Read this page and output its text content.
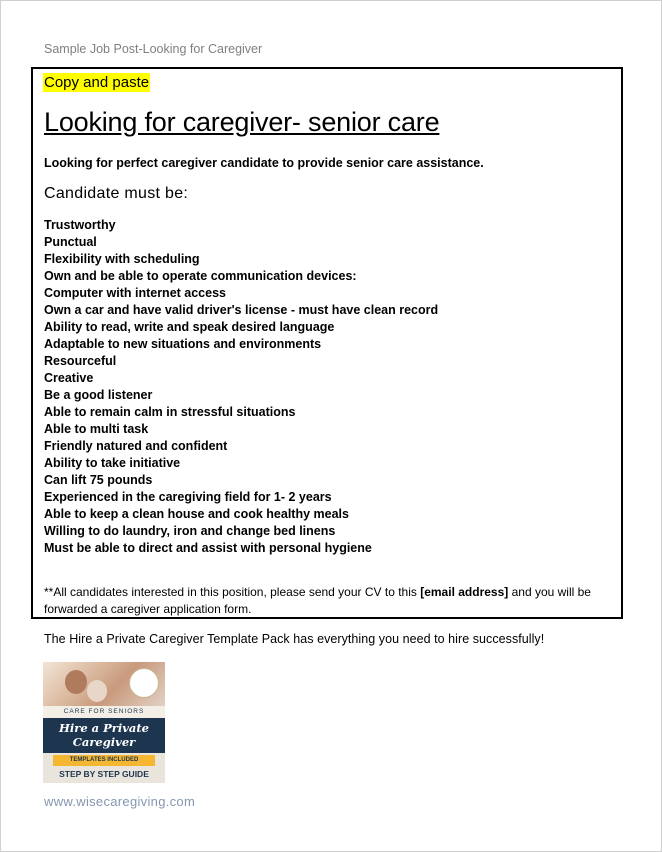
Sample Job Post-Looking for Caregiver
Copy and paste
Looking for caregiver- senior care
Looking for perfect caregiver candidate to provide senior care assistance.
Candidate must be:
Trustworthy
Punctual
Flexibility with scheduling
Own and be able to operate communication devices:
Computer with internet access
Own a car and have valid driver's license - must have clean record
Ability to read, write and speak desired language
Adaptable to new situations and environments
Resourceful
Creative
Be a good listener
Able to remain calm in stressful situations
Able to multi task
Friendly natured and confident
Ability to take initiative
Can lift 75 pounds
Experienced in the caregiving field for 1- 2 years
Able to keep a clean house and cook healthy meals
Willing to do laundry, iron and change bed linens
Must be able to direct and assist with personal hygiene
**All candidates interested in this position, please send your CV to this [email address] and you will be forwarded a caregiver application form.
The Hire a Private Caregiver Template Pack has everything you need to hire successfully!
CARE FOR SENIORS
Hire a Private
Caregiver
TEMPLATES INCLUDED
STEP BY STEP GUIDE
www.wisecaregiving.com
